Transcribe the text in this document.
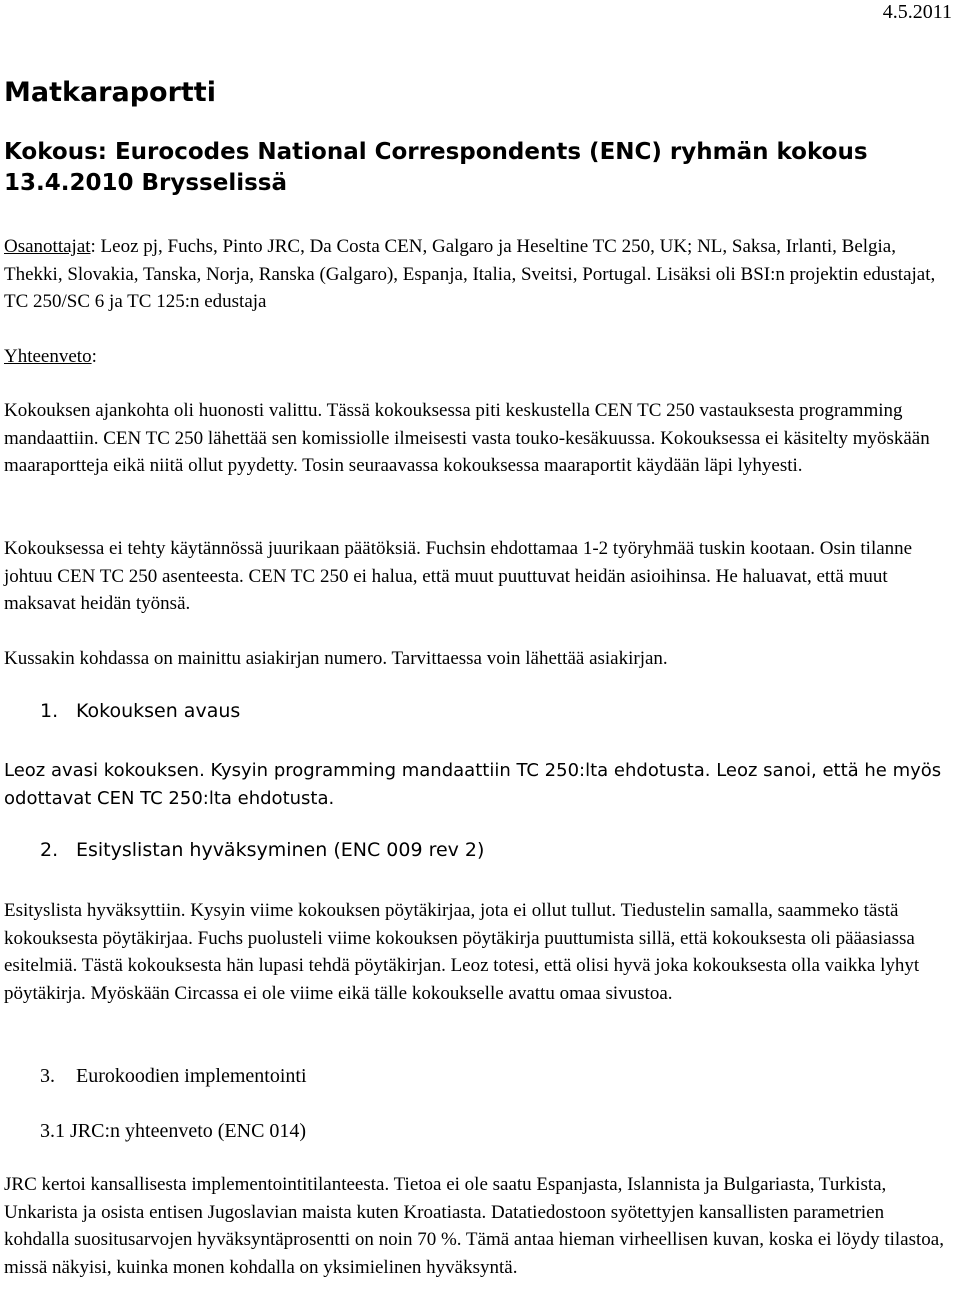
4.5.2011
Matkaraportti
Kokous: Eurocodes National Correspondents (ENC) ryhmän kokous 13.4.2010 Brysselissä

Osanottajat: Leoz pj, Fuchs, Pinto JRC, Da Costa CEN, Galgaro ja Heseltine TC 250, UK; NL, Saksa, Irlanti, Belgia, Thekki, Slovakia, Tanska, Norja, Ranska (Galgaro), Espanja, Italia, Sveitsi, Portugal. Lisäksi oli BSI:n projektin edustajat, TC 250/SC 6 ja TC 125:n edustaja

Yhteenveto:

Kokouksen ajankohta oli huonosti valittu. Tässä kokouksessa piti keskustella CEN TC 250 vastauksesta programming mandaattiin. CEN TC 250 lähettää sen komissiolle ilmeisesti vasta touko-kesäkuussa. Kokouksessa ei käsitelty myöskään maaraportteja eikä niitä ollut pyydetty. Tosin seuraavassa kokouksessa maaraportit käydään läpi lyhyesti.

Kokouksessa ei tehty käytännössä juurikaan päätöksiä. Fuchsin ehdottamaa 1-2 työryhmää tuskin kootaan. Osin tilanne johtuu CEN TC 250 asenteesta. CEN TC 250 ei halua, että muut puuttuvat heidän asioihinsa. He haluavat, että muut maksavat heidän työnsä.

Kussakin kohdassa on mainittu asiakirjan numero. Tarvittaessa voin lähettää asiakirjan.

1. Kokouksen avaus

Leoz avasi kokouksen. Kysyin programming mandaattiin TC 250:lta ehdotusta. Leoz sanoi, että he myös odottavat CEN TC 250:lta ehdotusta.

2. Esityslistan hyväksyminen (ENC 009 rev 2)

Esityslista hyväksyttiin. Kysyin viime kokouksen pöytäkirjaa, jota ei ollut tullut. Tiedustelin samalla, saammeko tästä kokouksesta pöytäkirjaa. Fuchs puolusteli viime kokouksen pöytäkirja puuttumista sillä, että kokouksesta oli pääasiassa esitelmiä. Tästä kokouksesta hän lupasi tehdä pöytäkirjan. Leoz totesi, että olisi hyvä joka kokouksesta olla vaikka lyhyt pöytäkirja. Myöskään Circassa ei ole viime eikä tälle kokoukselle avattu omaa sivustoa.

3. Eurokoodien implementointi
3.1 JRC:n yhteenveto (ENC 014)

JRC kertoi kansallisesta implementointitilanteesta. Tietoa ei ole saatu Espanjasta, Islannista ja Bulgariasta, Turkista, Unkarista ja osista entisen Jugoslavian maista kuten Kroatiasta. Datatiedostoon syötettyjen kansallisten parametrien kohdalla suositusarvojen hyväksyntäprosentti on noin 70 %. Tämä antaa hieman virheellisen kuvan, koska ei löydy tilastoa, missä näkyisi, kuinka monen kohdalla on yksimielinen hyväksyntä.
